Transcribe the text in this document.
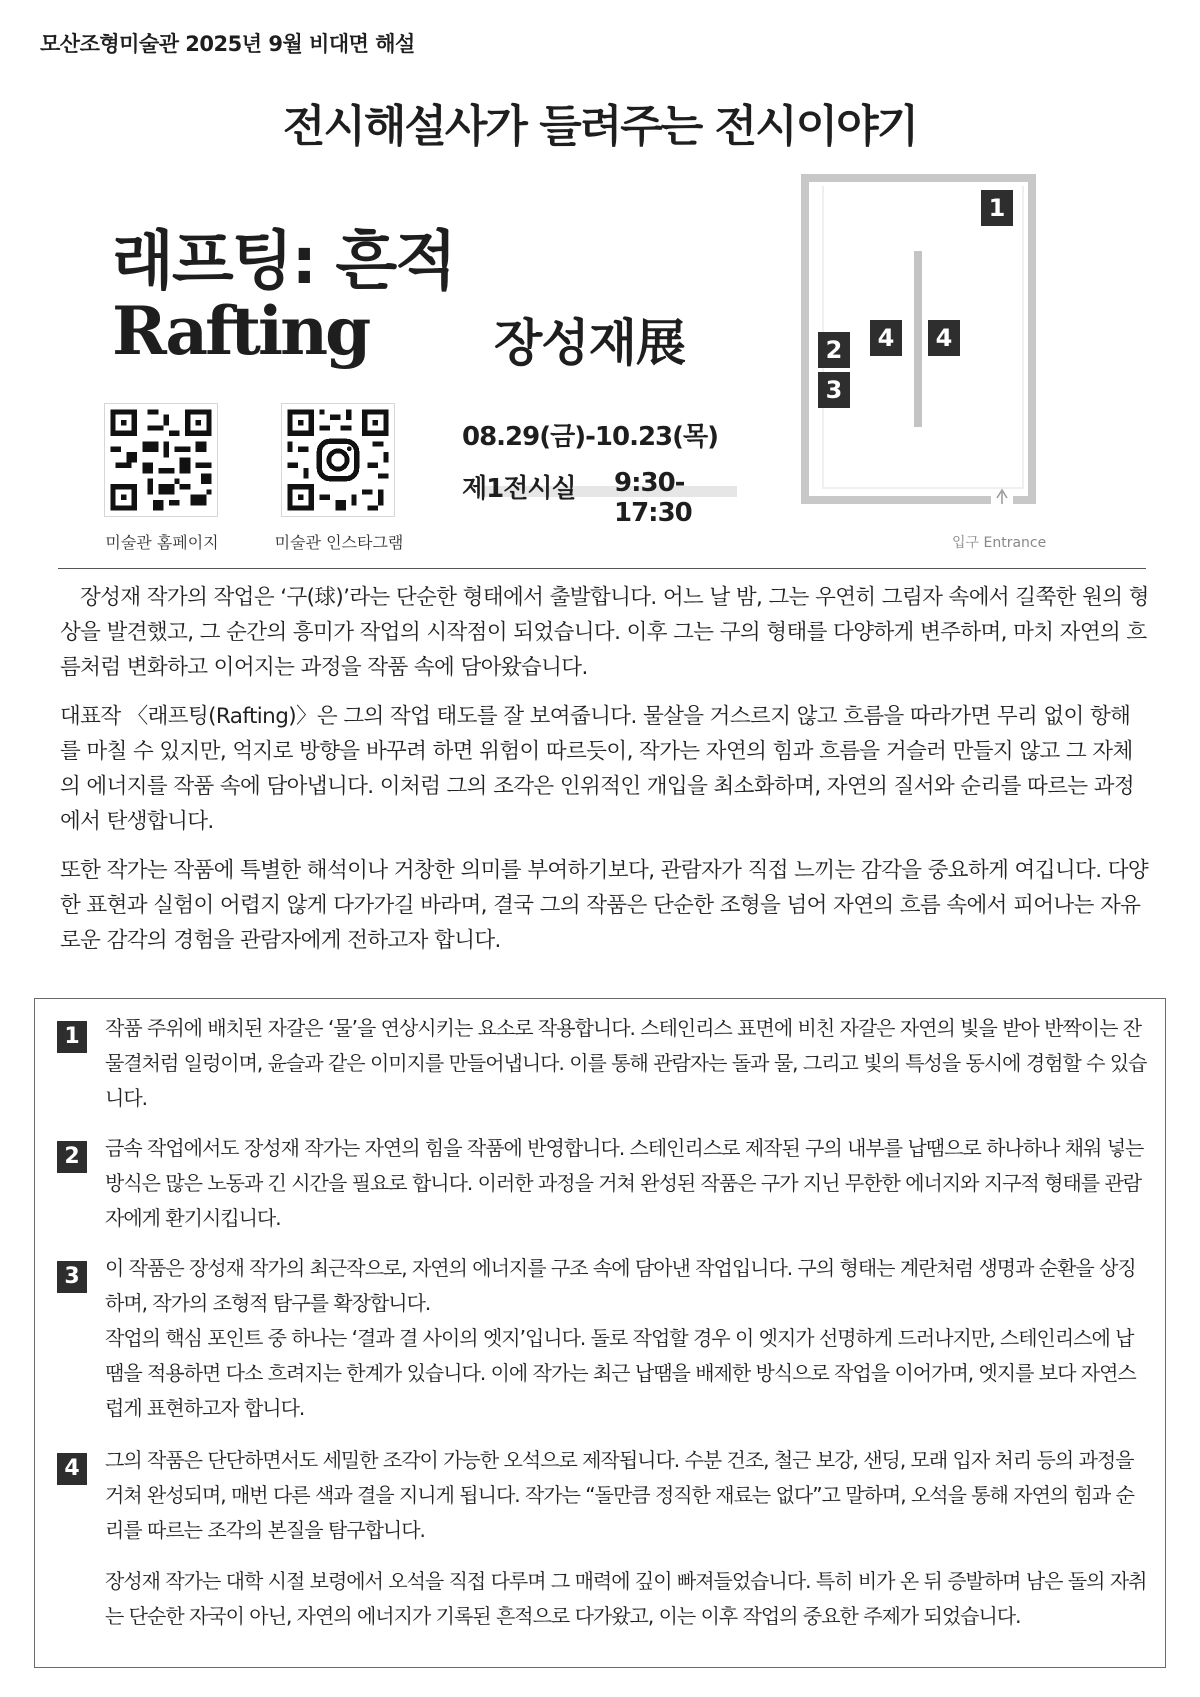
모산조형미술관 2025년 9월 비대면 해설
전시해설사가 들려주는 전시이야기
래프팅: 흔적
Rafting	장성재展
미술관 홈페이지	미술관 인스타그램
08.29(금)-10.23(목)
제1전시실 9:30-17:30
1
2
3
4 4
입구 Entrance

장성재 작가의 작업은 ‘구(球)’라는 단순한 형태에서 출발합니다. 어느 날 밤, 그는 우연히 그림자 속에서 길쭉한 원의 형상을 발견했고, 그 순간의 흥미가 작업의 시작점이 되었습니다. 이후 그는 구의 형태를 다양하게 변주하며, 마치 자연의 흐름처럼 변화하고 이어지는 과정을 작품 속에 담아왔습니다.

대표작 〈래프팅(Rafting)〉은 그의 작업 태도를 잘 보여줍니다. 물살을 거스르지 않고 흐름을 따라가면 무리 없이 항해를 마칠 수 있지만, 억지로 방향을 바꾸려 하면 위험이 따르듯이, 작가는 자연의 힘과 흐름을 거슬러 만들지 않고 그 자체의 에너지를 작품 속에 담아냅니다. 이처럼 그의 조각은 인위적인 개입을 최소화하며, 자연의 질서와 순리를 따르는 과정에서 탄생합니다.

또한 작가는 작품에 특별한 해석이나 거창한 의미를 부여하기보다, 관람자가 직접 느끼는 감각을 중요하게 여깁니다. 다양한 표현과 실험이 어렵지 않게 다가가길 바라며, 결국 그의 작품은 단순한 조형을 넘어 자연의 흐름 속에서 피어나는 자유로운 감각의 경험을 관람자에게 전하고자 합니다.

1	작품 주위에 배치된 자갈은 ‘물’을 연상시키는 요소로 작용합니다. 스테인리스 표면에 비친 자갈은 자연의 빛을 받아 반짝이는 잔물결처럼 일렁이며, 윤슬과 같은 이미지를 만들어냅니다. 이를 통해 관람자는 돌과 물, 그리고 빛의 특성을 동시에 경험할 수 있습니다.

2	금속 작업에서도 장성재 작가는 자연의 힘을 작품에 반영합니다. 스테인리스로 제작된 구의 내부를 납땜으로 하나하나 채워 넣는 방식은 많은 노동과 긴 시간을 필요로 합니다. 이러한 과정을 거쳐 완성된 작품은 구가 지닌 무한한 에너지와 지구적 형태를 관람자에게 환기시킵니다.

3	이 작품은 장성재 작가의 최근작으로, 자연의 에너지를 구조 속에 담아낸 작업입니다. 구의 형태는 계란처럼 생명과 순환을 상징하며, 작가의 조형적 탐구를 확장합니다.

작업의 핵심 포인트 중 하나는 ‘결과 결 사이의 엣지’입니다. 돌로 작업할 경우 이 엣지가 선명하게 드러나지만, 스테인리스에 납땜을 적용하면 다소 흐려지는 한계가 있습니다. 이에 작가는 최근 납땜을 배제한 방식으로 작업을 이어가며, 엣지를 보다 자연스럽게 표현하고자 합니다.

4	그의 작품은 단단하면서도 세밀한 조각이 가능한 오석으로 제작됩니다. 수분 건조, 철근 보강, 샌딩, 모래 입자 처리 등의 과정을 거쳐 완성되며, 매번 다른 색과 결을 지니게 됩니다. 작가는 “돌만큼 정직한 재료는 없다”고 말하며, 오석을 통해 자연의 힘과 순리를 따르는 조각의 본질을 탐구합니다.

장성재 작가는 대학 시절 보령에서 오석을 직접 다루며 그 매력에 깊이 빠져들었습니다. 특히 비가 온 뒤 증발하며 남은 돌의 자취는 단순한 자국이 아닌, 자연의 에너지가 기록된 흔적으로 다가왔고, 이는 이후 작업의 중요한 주제가 되었습니다.
